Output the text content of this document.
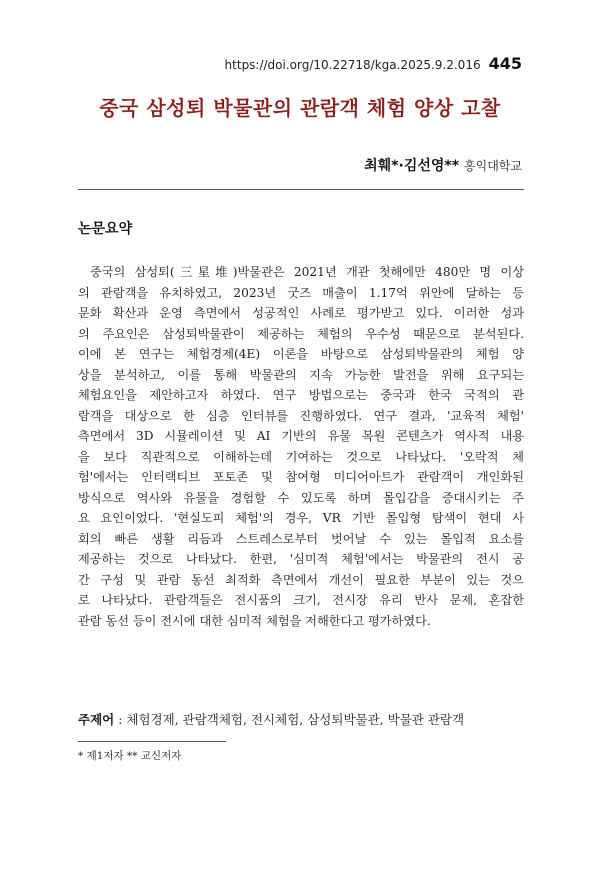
https://doi.org/10.22718/kga.2025.9.2.016 445
중국 삼성퇴 박물관의 관람객 체험 양상 고찰
최훼*·김선영** 홍익대학교
논문요약
중국의 삼성퇴(三星堆)박물관은 2021년 개관 첫해에만 480만 명 이상
의 관람객을 유치하였고, 2023년 굿즈 매출이 1.17억 위안에 달하는 등
문화 확산과 운영 측면에서 성공적인 사례로 평가받고 있다. 이러한 성과
의 주요인은 삼성퇴박물관이 제공하는 체험의 우수성 때문으로 분석된다.
이에 본 연구는 체험경제(4E) 이론을 바탕으로 삼성퇴박물관의 체험 양
상을 분석하고, 이를 통해 박물관의 지속 가능한 발전을 위해 요구되는
체험요인을 제안하고자 하였다. 연구 방법으로는 중국과 한국 국적의 관
람객을 대상으로 한 심층 인터뷰를 진행하였다. 연구 결과, '교육적 체험'
측면에서 3D 시뮬레이션 및 AI 기반의 유물 복원 콘텐츠가 역사적 내용
을 보다 직관적으로 이해하는데 기여하는 것으로 나타났다. '오락적 체
험'에서는 인터랙티브 포토존 및 참여형 미디어아트가 관람객이 개인화된
방식으로 역사와 유물을 경험할 수 있도록 하며 몰입감을 증대시키는 주
요 요인이었다. '현실도피 체험'의 경우, VR 기반 몰입형 탐색이 현대 사
회의 빠른 생활 리듬과 스트레스로부터 벗어날 수 있는 몰입적 요소를
제공하는 것으로 나타났다. 한편, '심미적 체험'에서는 박물관의 전시 공
간 구성 및 관람 동선 최적화 측면에서 개선이 필요한 부분이 있는 것으
로 나타났다. 관람객들은 전시품의 크기, 전시장 유리 반사 문제, 혼잡한
관람 동선 등이 전시에 대한 심미적 체험을 저해한다고 평가하였다.
주제어 : 체험경제, 관람객체험, 전시체험, 삼성퇴박물관, 박물관 관람객
* 제1저자 ** 교신저자
